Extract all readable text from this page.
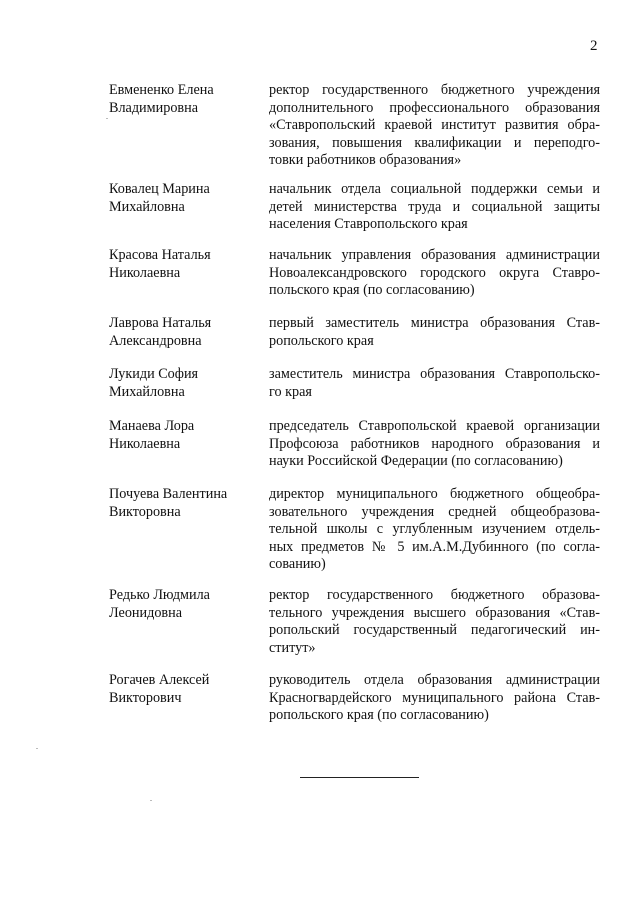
2
Евмененко Елена
Владимировна
ректор государственного бюджетного учреждения
дополнительного профессионального образования
«Ставропольский краевой институт развития обра-
зования, повышения квалификации и переподго-
товки работников образования»
Ковалец Марина
Михайловна
начальник отдела социальной поддержки семьи и
детей министерства труда и социальной защиты
населения Ставропольского края
Красова Наталья
Николаевна
начальник управления образования администрации
Новоалександровского городского округа Ставро-
польского края (по согласованию)
Лаврова Наталья
Александровна
первый заместитель министра образования Став-
ропольского края
Лукиди София
Михайловна
заместитель министра образования Ставропольско-
го края
Манаева Лора
Николаевна
председатель Ставропольской краевой организации
Профсоюза работников народного образования и
науки Российской Федерации (по согласованию)
Почуева Валентина
Викторовна
директор муниципального бюджетного общеобра-
зовательного учреждения средней общеобразова-
тельной школы с углубленным изучением отдель-
ных предметов № 5 им.А.М.Дубинного (по согла-
сованию)
Редько Людмила
Леонидовна
ректор государственного бюджетного образова-
тельного учреждения высшего образования «Став-
ропольский государственный педагогический ин-
ститут»
Рогачев Алексей
Викторович
руководитель отдела образования администрации
Красногвардейского муниципального района Став-
ропольского края (по согласованию)
